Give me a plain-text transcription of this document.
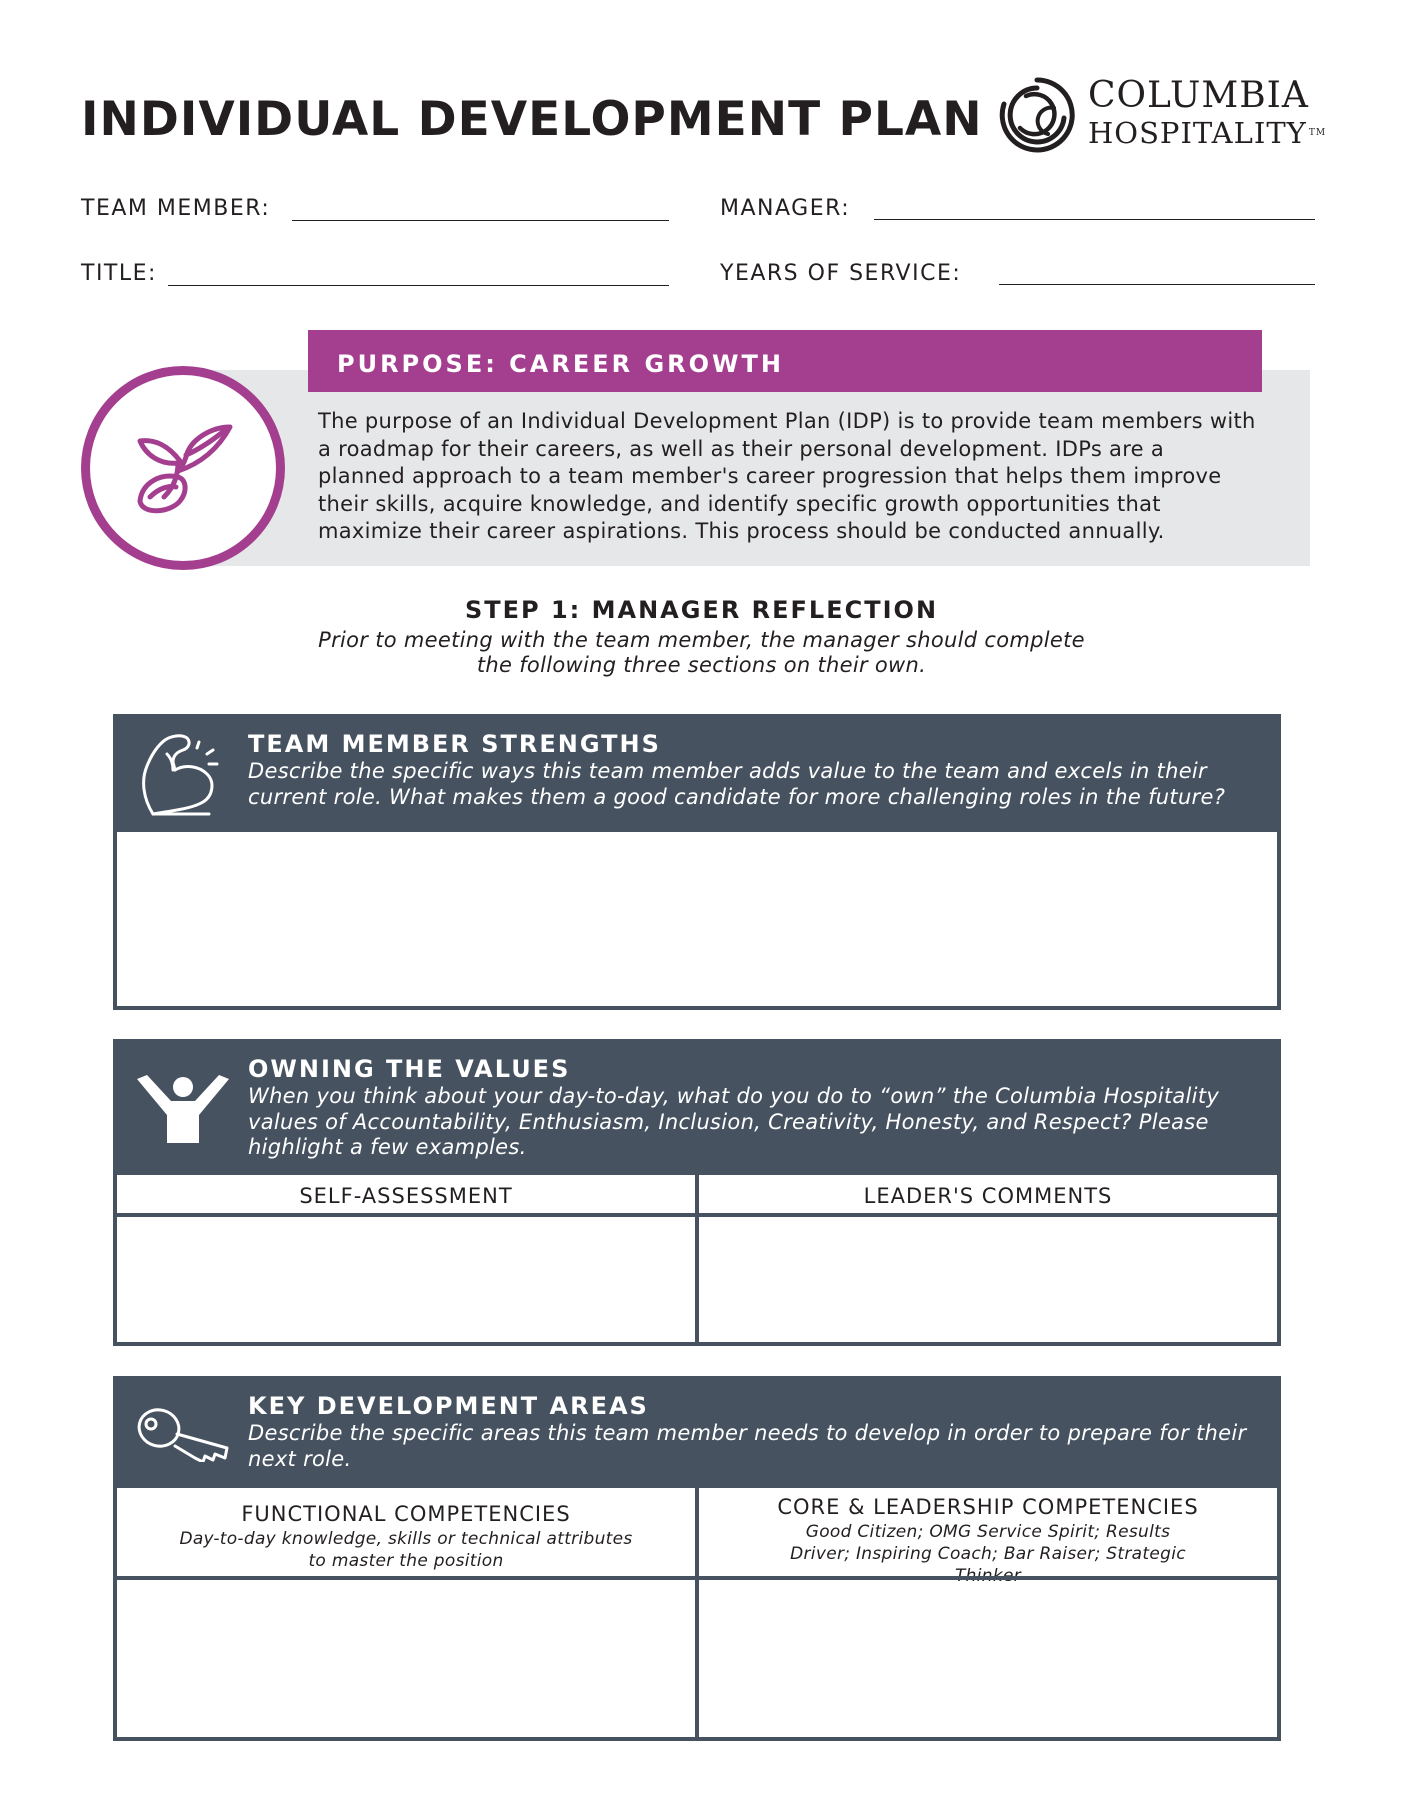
INDIVIDUAL DEVELOPMENT PLAN	COLUMBIA
HOSPITALITY TM
TEAM MEMBER:	MANAGER:
TITLE:	YEARS OF SERVICE:
PURPOSE: CAREER GROWTH
The purpose of an Individual Development Plan (IDP) is to provide team members with a roadmap for their careers, as well as their personal development. IDPs are a planned approach to a team member's career progression that helps them improve their skills, acquire knowledge, and identify specific growth opportunities that maximize their career aspirations. This process should be conducted annually.
STEP 1: MANAGER REFLECTION
Prior to meeting with the team member, the manager should complete the following three sections on their own.
TEAM MEMBER STRENGTHS
Describe the specific ways this team member adds value to the team and excels in their current role. What makes them a good candidate for more challenging roles in the future?
OWNING THE VALUES
When you think about your day-to-day, what do you do to “own” the Columbia Hospitality values of Accountability, Enthusiasm, Inclusion, Creativity, Honesty, and Respect? Please highlight a few examples.
SELF-ASSESSMENT	LEADER'S COMMENTS
KEY DEVELOPMENT AREAS
Describe the specific areas this team member needs to develop in order to prepare for their next role.
FUNCTIONAL COMPETENCIES
Day-to-day knowledge, skills or technical attributes to master the position
CORE & LEADERSHIP COMPETENCIES
Good Citizen; OMG Service Spirit; Results Driver; Inspiring Coach; Bar Raiser; Strategic
